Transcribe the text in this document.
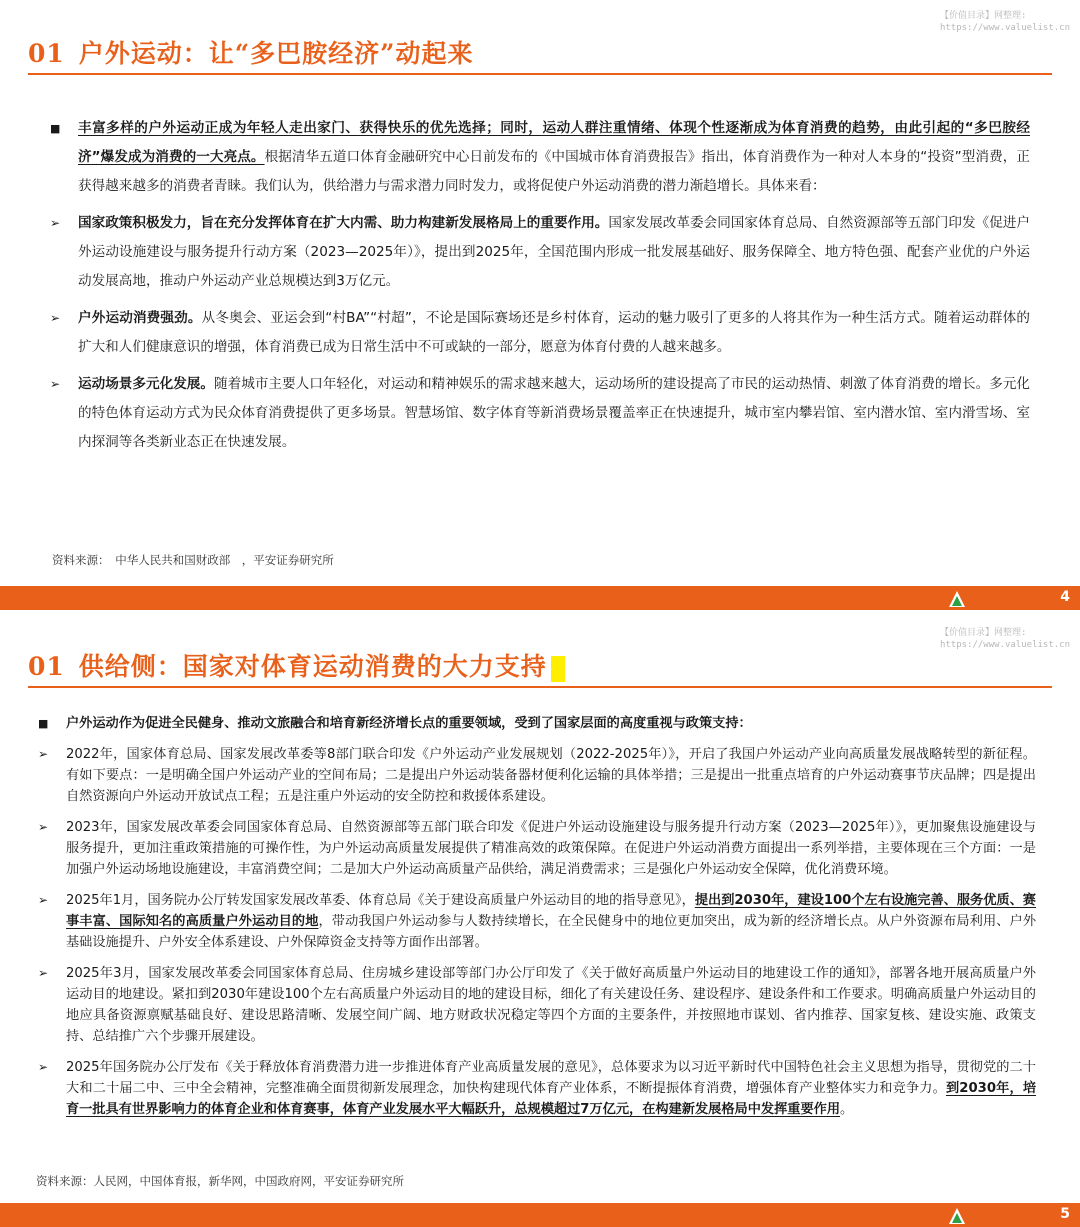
【价值目录】网整理:
https://www.valuelist.cn
01 户外运动：让“多巴胺经济”动起来

■ 丰富多样的户外运动正成为年轻人走出家门、获得快乐的优先选择；同时，运动人群注重情绪、体现个性逐渐成为体育消费的趋势，由此引起的“多巴胺经济”爆发成为消费的一大亮点。根据清华五道口体育金融研究中心日前发布的《中国城市体育消费报告》指出，体育消费作为一种对人本身的“投资”型消费，正获得越来越多的消费者青睐。我们认为，供给潜力与需求潜力同时发力，或将促使户外运动消费的潜力渐趋增长。具体来看：

➢ 国家政策积极发力，旨在充分发挥体育在扩大内需、助力构建新发展格局上的重要作用。国家发展改革委会同国家体育总局、自然资源部等五部门印发《促进户外运动设施建设与服务提升行动方案（2023—2025年）》，提出到2025年，全国范围内形成一批发展基础好、服务保障全、地方特色强、配套产业优的户外运动发展高地，推动户外运动产业总规模达到3万亿元。

➢ 户外运动消费强劲。从冬奥会、亚运会到“村BA”“村超”，不论是国际赛场还是乡村体育，运动的魅力吸引了更多的人将其作为一种生活方式。随着运动群体的扩大和人们健康意识的增强，体育消费已成为日常生活中不可或缺的一部分，愿意为体育付费的人越来越多。

➢ 运动场景多元化发展。随着城市主要人口年轻化，对运动和精神娱乐的需求越来越大，运动场所的建设提高了市民的运动热情、刺激了体育消费的增长。多元化的特色体育运动方式为民众体育消费提供了更多场景。智慧场馆、数字体育等新消费场景覆盖率正在快速提升，城市室内攀岩馆、室内潜水馆、室内滑雪场、室内探洞等各类新业态正在快速发展。

资料来源：　中华人民共和国财政部　，平安证券研究所
4
【价值目录】网整理:
https://www.valuelist.cn
01 供给侧：国家对体育运动消费的大力支持

■ 户外运动作为促进全民健身、推动文旅融合和培育新经济增长点的重要领域，受到了国家层面的高度重视与政策支持：

➢ 2022年，国家体育总局、国家发展改革委等8部门联合印发《户外运动产业发展规划（2022-2025年）》，开启了我国户外运动产业向高质量发展战略转型的新征程。有如下要点：一是明确全国户外运动产业的空间布局；二是提出户外运动装备器材便利化运输的具体举措；三是提出一批重点培育的户外运动赛事节庆品牌；四是提出自然资源向户外运动开放试点工程；五是注重户外运动的安全防控和救援体系建设。

➢ 2023年，国家发展改革委会同国家体育总局、自然资源部等五部门联合印发《促进户外运动设施建设与服务提升行动方案（2023—2025年）》，更加聚焦设施建设与服务提升，更加注重政策措施的可操作性，为户外运动高质量发展提供了精准高效的政策保障。在促进户外运动消费方面提出一系列举措，主要体现在三个方面：一是加强户外运动场地设施建设，丰富消费空间；二是加大户外运动高质量产品供给，满足消费需求；三是强化户外运动安全保障，优化消费环境。

➢ 2025年1月，国务院办公厅转发国家发展改革委、体育总局《关于建设高质量户外运动目的地的指导意见》，提出到2030年，建设100个左右设施完善、服务优质、赛事丰富、国际知名的高质量户外运动目的地，带动我国户外运动参与人数持续增长，在全民健身中的地位更加突出，成为新的经济增长点。从户外资源布局利用、户外基础设施提升、户外安全体系建设、户外保障资金支持等方面作出部署。

➢ 2025年3月，国家发展改革委会同国家体育总局、住房城乡建设部等部门办公厅印发了《关于做好高质量户外运动目的地建设工作的通知》，部署各地开展高质量户外运动目的地建设。紧扣到2030年建设100个左右高质量户外运动目的地的建设目标，细化了有关建设任务、建设程序、建设条件和工作要求。明确高质量户外运动目的地应具备资源禀赋基础良好、建设思路清晰、发展空间广阔、地方财政状况稳定等四个方面的主要条件，并按照地市谋划、省内推荐、国家复核、建设实施、政策支持、总结推广六个步骤开展建设。

➢ 2025年国务院办公厅发布《关于释放体育消费潜力进一步推进体育产业高质量发展的意见》，总体要求为以习近平新时代中国特色社会主义思想为指导，贯彻党的二十大和二十届二中、三中全会精神，完整准确全面贯彻新发展理念，加快构建现代体育产业体系，不断提振体育消费，增强体育产业整体实力和竞争力。到2030年，培育一批具有世界影响力的体育企业和体育赛事，体育产业发展水平大幅跃升，总规模超过7万亿元，在构建新发展格局中发挥重要作用。

资料来源：人民网，中国体育报，新华网，中国政府网，平安证券研究所
5
